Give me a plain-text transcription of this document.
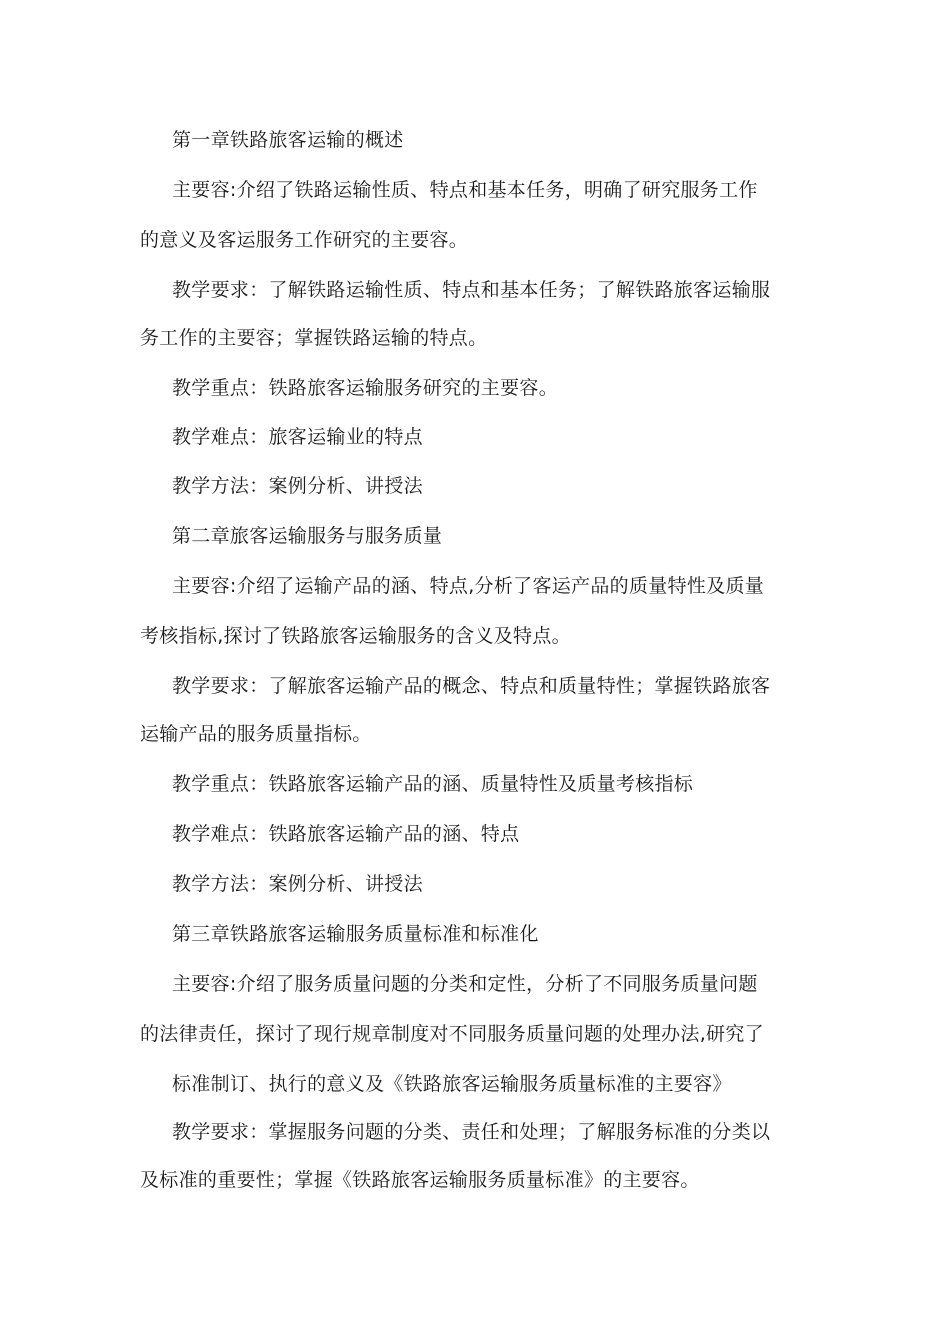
第一章铁路旅客运输的概述
主要容:介绍了铁路运输性质、特点和基本任务，明确了研究服务工作
的意义及客运服务工作研究的主要容。
教学要求：了解铁路运输性质、特点和基本任务；了解铁路旅客运输服
务工作的主要容；掌握铁路运输的特点。
教学重点：铁路旅客运输服务研究的主要容。
教学难点：旅客运输业的特点
教学方法：案例分析、讲授法
第二章旅客运输服务与服务质量
主要容:介绍了运输产品的涵、特点,分析了客运产品的质量特性及质量
考核指标,探讨了铁路旅客运输服务的含义及特点。
教学要求：了解旅客运输产品的概念、特点和质量特性；掌握铁路旅客
运输产品的服务质量指标。
教学重点：铁路旅客运输产品的涵、质量特性及质量考核指标
教学难点：铁路旅客运输产品的涵、特点
教学方法：案例分析、讲授法
第三章铁路旅客运输服务质量标准和标准化
主要容:介绍了服务质量问题的分类和定性，分析了不同服务质量问题
的法律责任，探讨了现行规章制度对不同服务质量问题的处理办法,研究了
标准制订、执行的意义及《铁路旅客运输服务质量标准的主要容》
教学要求：掌握服务问题的分类、责任和处理；了解服务标准的分类以
及标准的重要性；掌握《铁路旅客运输服务质量标准》的主要容。
